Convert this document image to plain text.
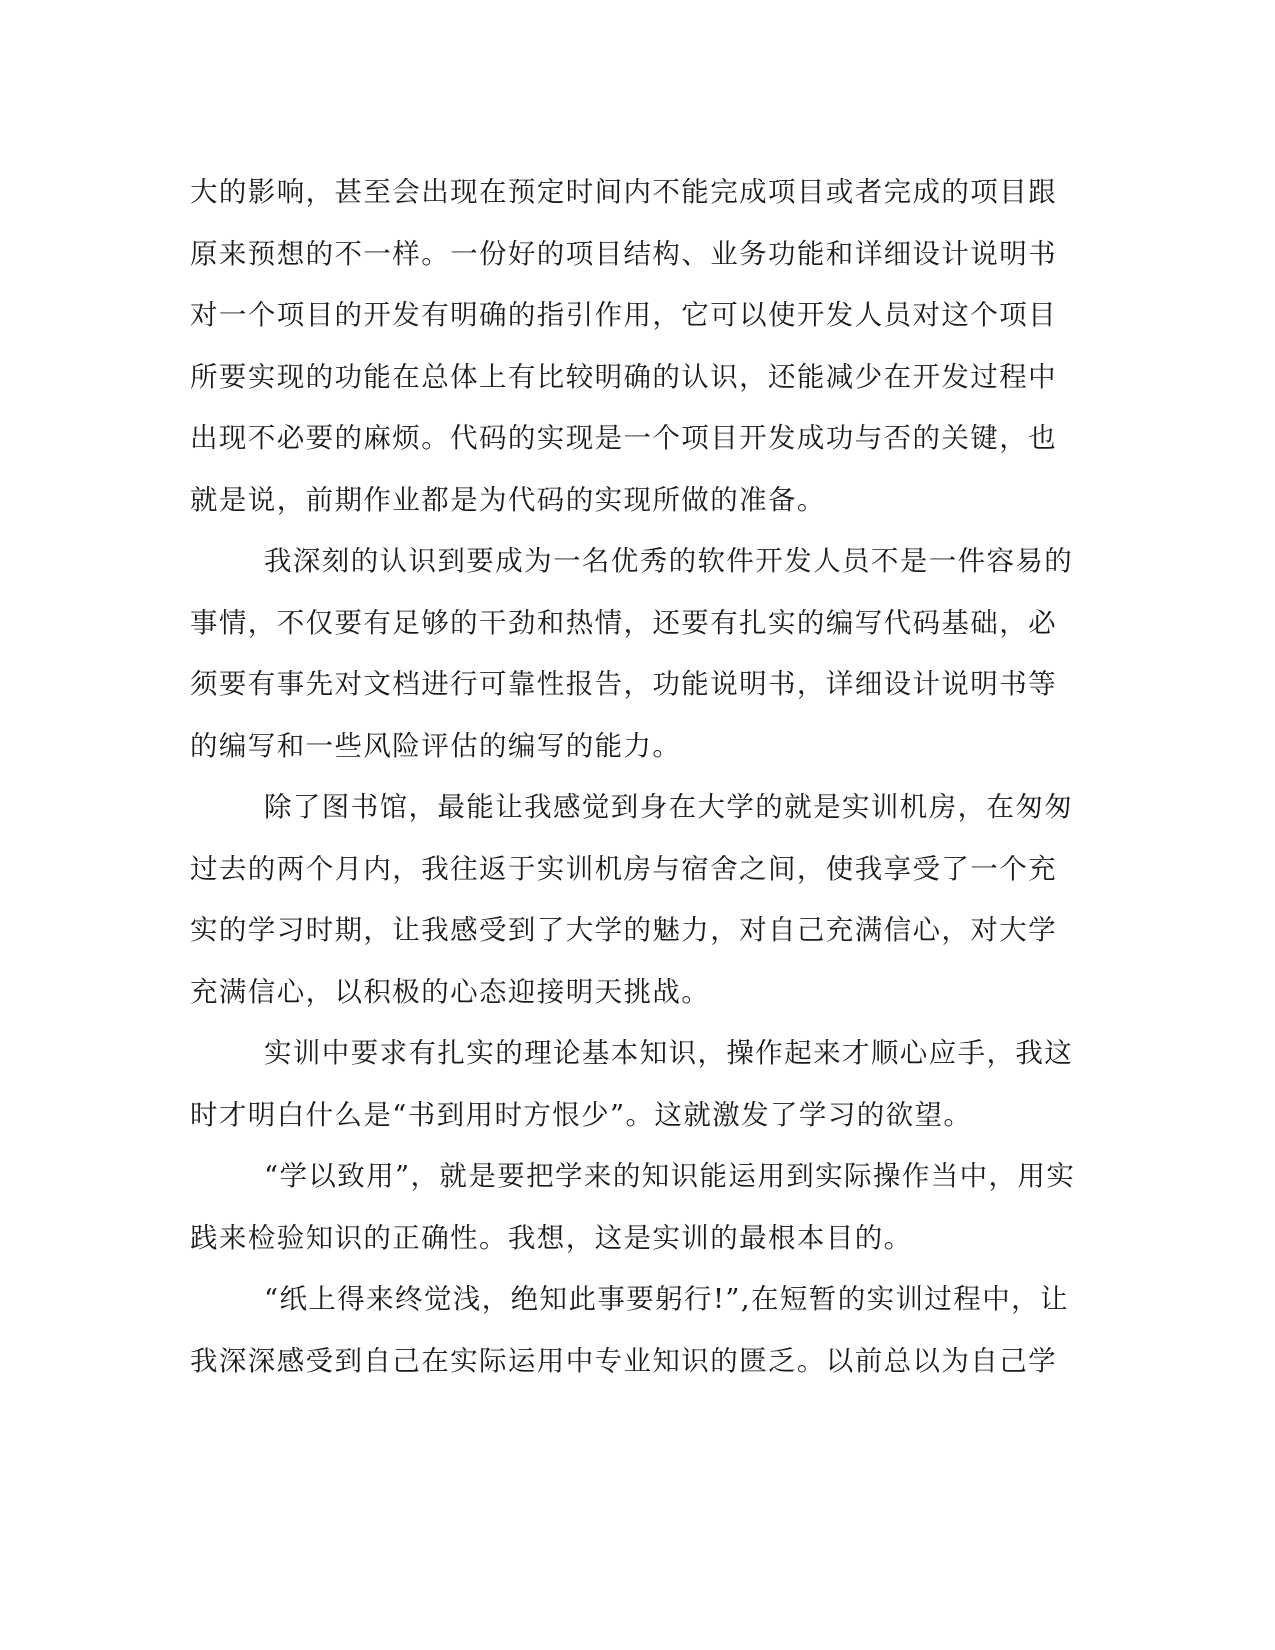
大的影响，甚至会出现在预定时间内不能完成项目或者完成的项目跟
原来预想的不一样。一份好的项目结构、业务功能和详细设计说明书
对一个项目的开发有明确的指引作用，它可以使开发人员对这个项目
所要实现的功能在总体上有比较明确的认识，还能减少在开发过程中
出现不必要的麻烦。代码的实现是一个项目开发成功与否的关键，也
就是说，前期作业都是为代码的实现所做的准备。
我深刻的认识到要成为一名优秀的软件开发人员不是一件容易的
事情，不仅要有足够的干劲和热情，还要有扎实的编写代码基础，必
须要有事先对文档进行可靠性报告，功能说明书，详细设计说明书等
的编写和一些风险评估的编写的能力。
除了图书馆，最能让我感觉到身在大学的就是实训机房，在匆匆
过去的两个月内，我往返于实训机房与宿舍之间，使我享受了一个充
实的学习时期，让我感受到了大学的魅力，对自己充满信心，对大学
充满信心，以积极的心态迎接明天挑战。
实训中要求有扎实的理论基本知识，操作起来才顺心应手，我这
时才明白什么是“书到用时方恨少”。这就激发了学习的欲望。
“学以致用”，就是要把学来的知识能运用到实际操作当中，用实
践来检验知识的正确性。我想，这是实训的最根本目的。
“纸上得来终觉浅，绝知此事要躬行!”,在短暂的实训过程中，让
我深深感受到自己在实际运用中专业知识的匮乏。以前总以为自己学
